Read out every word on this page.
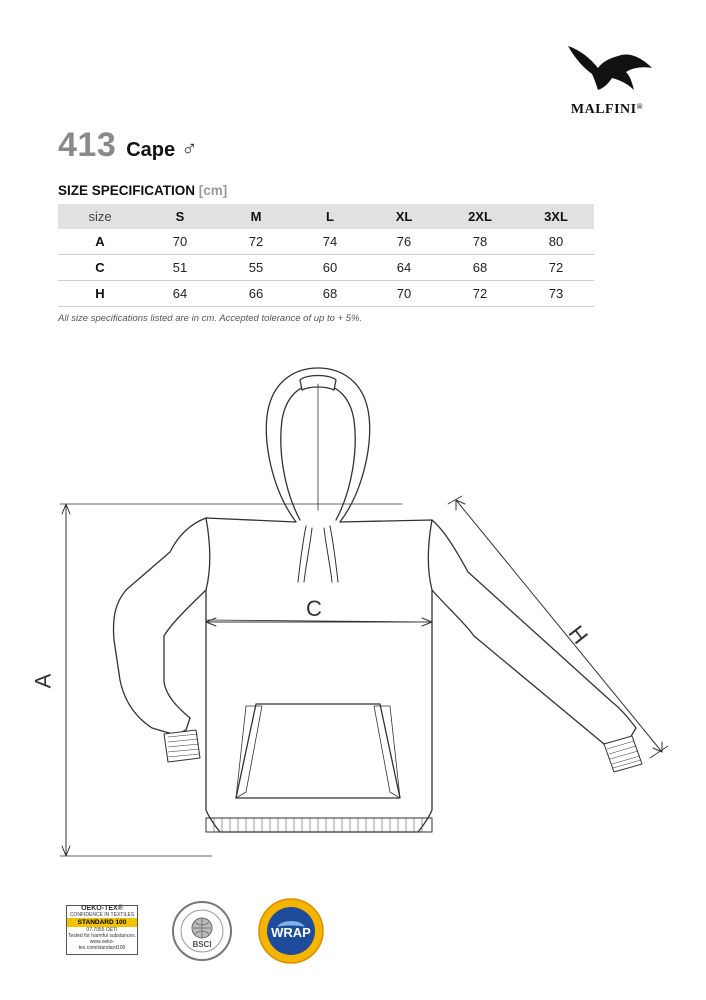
MALFINI®
413 Cape ♂
SIZE SPECIFICATION [cm]
size	S	M	L	XL	2XL	3XL
A	70	72	74	76	78	80
C	51	55	60	64	68	72
H	64	66	68	70	72	73
All size specifications listed are in cm. Accepted tolerance of up to + 5%.
A
C
H
OEKO-TEX®
CONFIDENCE IN TEXTILES
STANDARD 100
07.7955 OETI
Tested for harmful substances.
www.oeko-tex.com/standard100	BSCI
WRAP
